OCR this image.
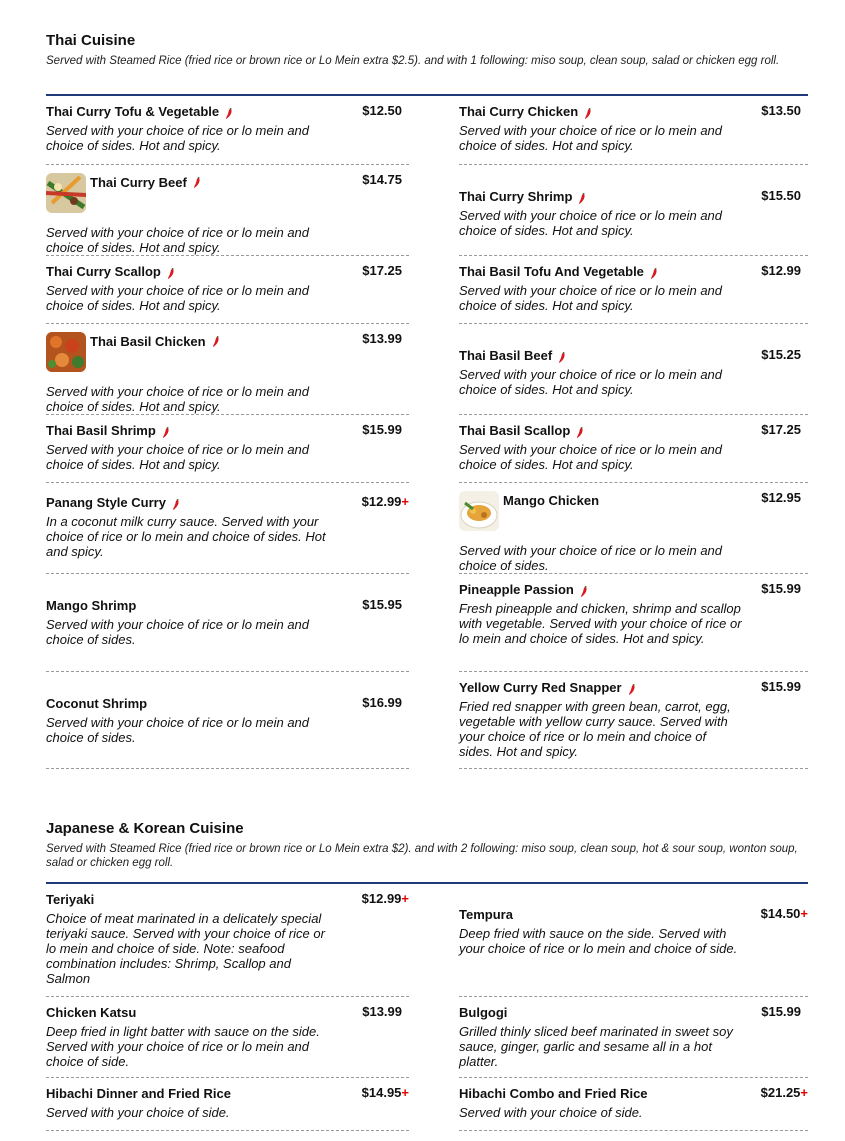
Thai Cuisine
Served with Steamed Rice (fried rice or brown rice or Lo Mein extra $2.5). and with 1 following: miso soup, clean soup, salad or chicken egg roll.
Thai Curry Tofu & Vegetable	$12.50
Served with your choice of rice or lo mein and choice of sides. Hot and spicy.
Thai Curry Beef	$14.75
Served with your choice of rice or lo mein and choice of sides. Hot and spicy.
Thai Curry Scallop	$17.25
Served with your choice of rice or lo mein and choice of sides. Hot and spicy.
Thai Basil Chicken	$13.99
Served with your choice of rice or lo mein and choice of sides. Hot and spicy.
Thai Basil Shrimp	$15.99
Served with your choice of rice or lo mein and choice of sides. Hot and spicy.
Panang Style Curry	$12.99+
In a coconut milk curry sauce. Served with your choice of rice or lo mein and choice of sides. Hot and spicy.
Mango Shrimp	$15.95
Served with your choice of rice or lo mein and choice of sides.
Coconut Shrimp	$16.99
Served with your choice of rice or lo mein and choice of sides.
Thai Curry Chicken	$13.50
Served with your choice of rice or lo mein and choice of sides. Hot and spicy.
Thai Curry Shrimp	$15.50
Served with your choice of rice or lo mein and choice of sides. Hot and spicy.
Thai Basil Tofu And Vegetable	$12.99
Served with your choice of rice or lo mein and choice of sides. Hot and spicy.
Thai Basil Beef	$15.25
Served with your choice of rice or lo mein and choice of sides. Hot and spicy.
Thai Basil Scallop	$17.25
Served with your choice of rice or lo mein and choice of sides. Hot and spicy.
Mango Chicken	$12.95
Served with your choice of rice or lo mein and choice of sides.
Pineapple Passion	$15.99
Fresh pineapple and chicken, shrimp and scallop with vegetable. Served with your choice of rice or lo mein and choice of sides. Hot and spicy.
Yellow Curry Red Snapper	$15.99
Fried red snapper with green bean, carrot, egg, vegetable with yellow curry sauce. Served with your choice of rice or lo mein and choice of sides. Hot and spicy.
Japanese & Korean Cuisine
Served with Steamed Rice (fried rice or brown rice or Lo Mein extra $2). and with 2 following: miso soup, clean soup, hot & sour soup, wonton soup, salad or chicken egg roll.
Teriyaki	$12.99+
Choice of meat marinated in a delicately special teriyaki sauce. Served with your choice of rice or lo mein and choice of side. Note: seafood combination includes: Shrimp, Scallop and Salmon
Chicken Katsu	$13.99
Deep fried in light batter with sauce on the side. Served with your choice of rice or lo mein and choice of side.
Hibachi Dinner and Fried Rice	$14.95+
Served with your choice of side.
Tempura	$14.50+
Deep fried with sauce on the side. Served with your choice of rice or lo mein and choice of side.
Bulgogi	$15.99
Grilled thinly sliced beef marinated in sweet soy sauce, ginger, garlic and sesame all in a hot platter.
Hibachi Combo and Fried Rice	$21.25+
Served with your choice of side.
